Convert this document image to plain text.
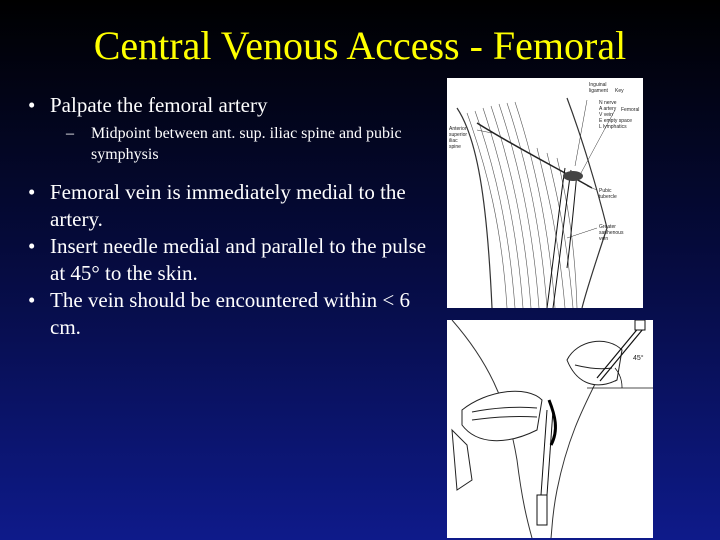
Central Venous Access - Femoral
• Palpate the femoral artery
–	Midpoint between ant. sup. iliac spine and pubic symphysis
• Femoral vein is immediately medial to the artery.
• Insert needle medial and parallel to the pulse at 45° to the skin.
• The vein should be encountered within < 6 cm.
Inguinal
ligament Key
N nerve
A artery
V vein
E empty space
L lymphatics
Femoral
Anterior
superior
iliac
spine
Pubic
tubercle
Greater
saphenous
vein
45°
